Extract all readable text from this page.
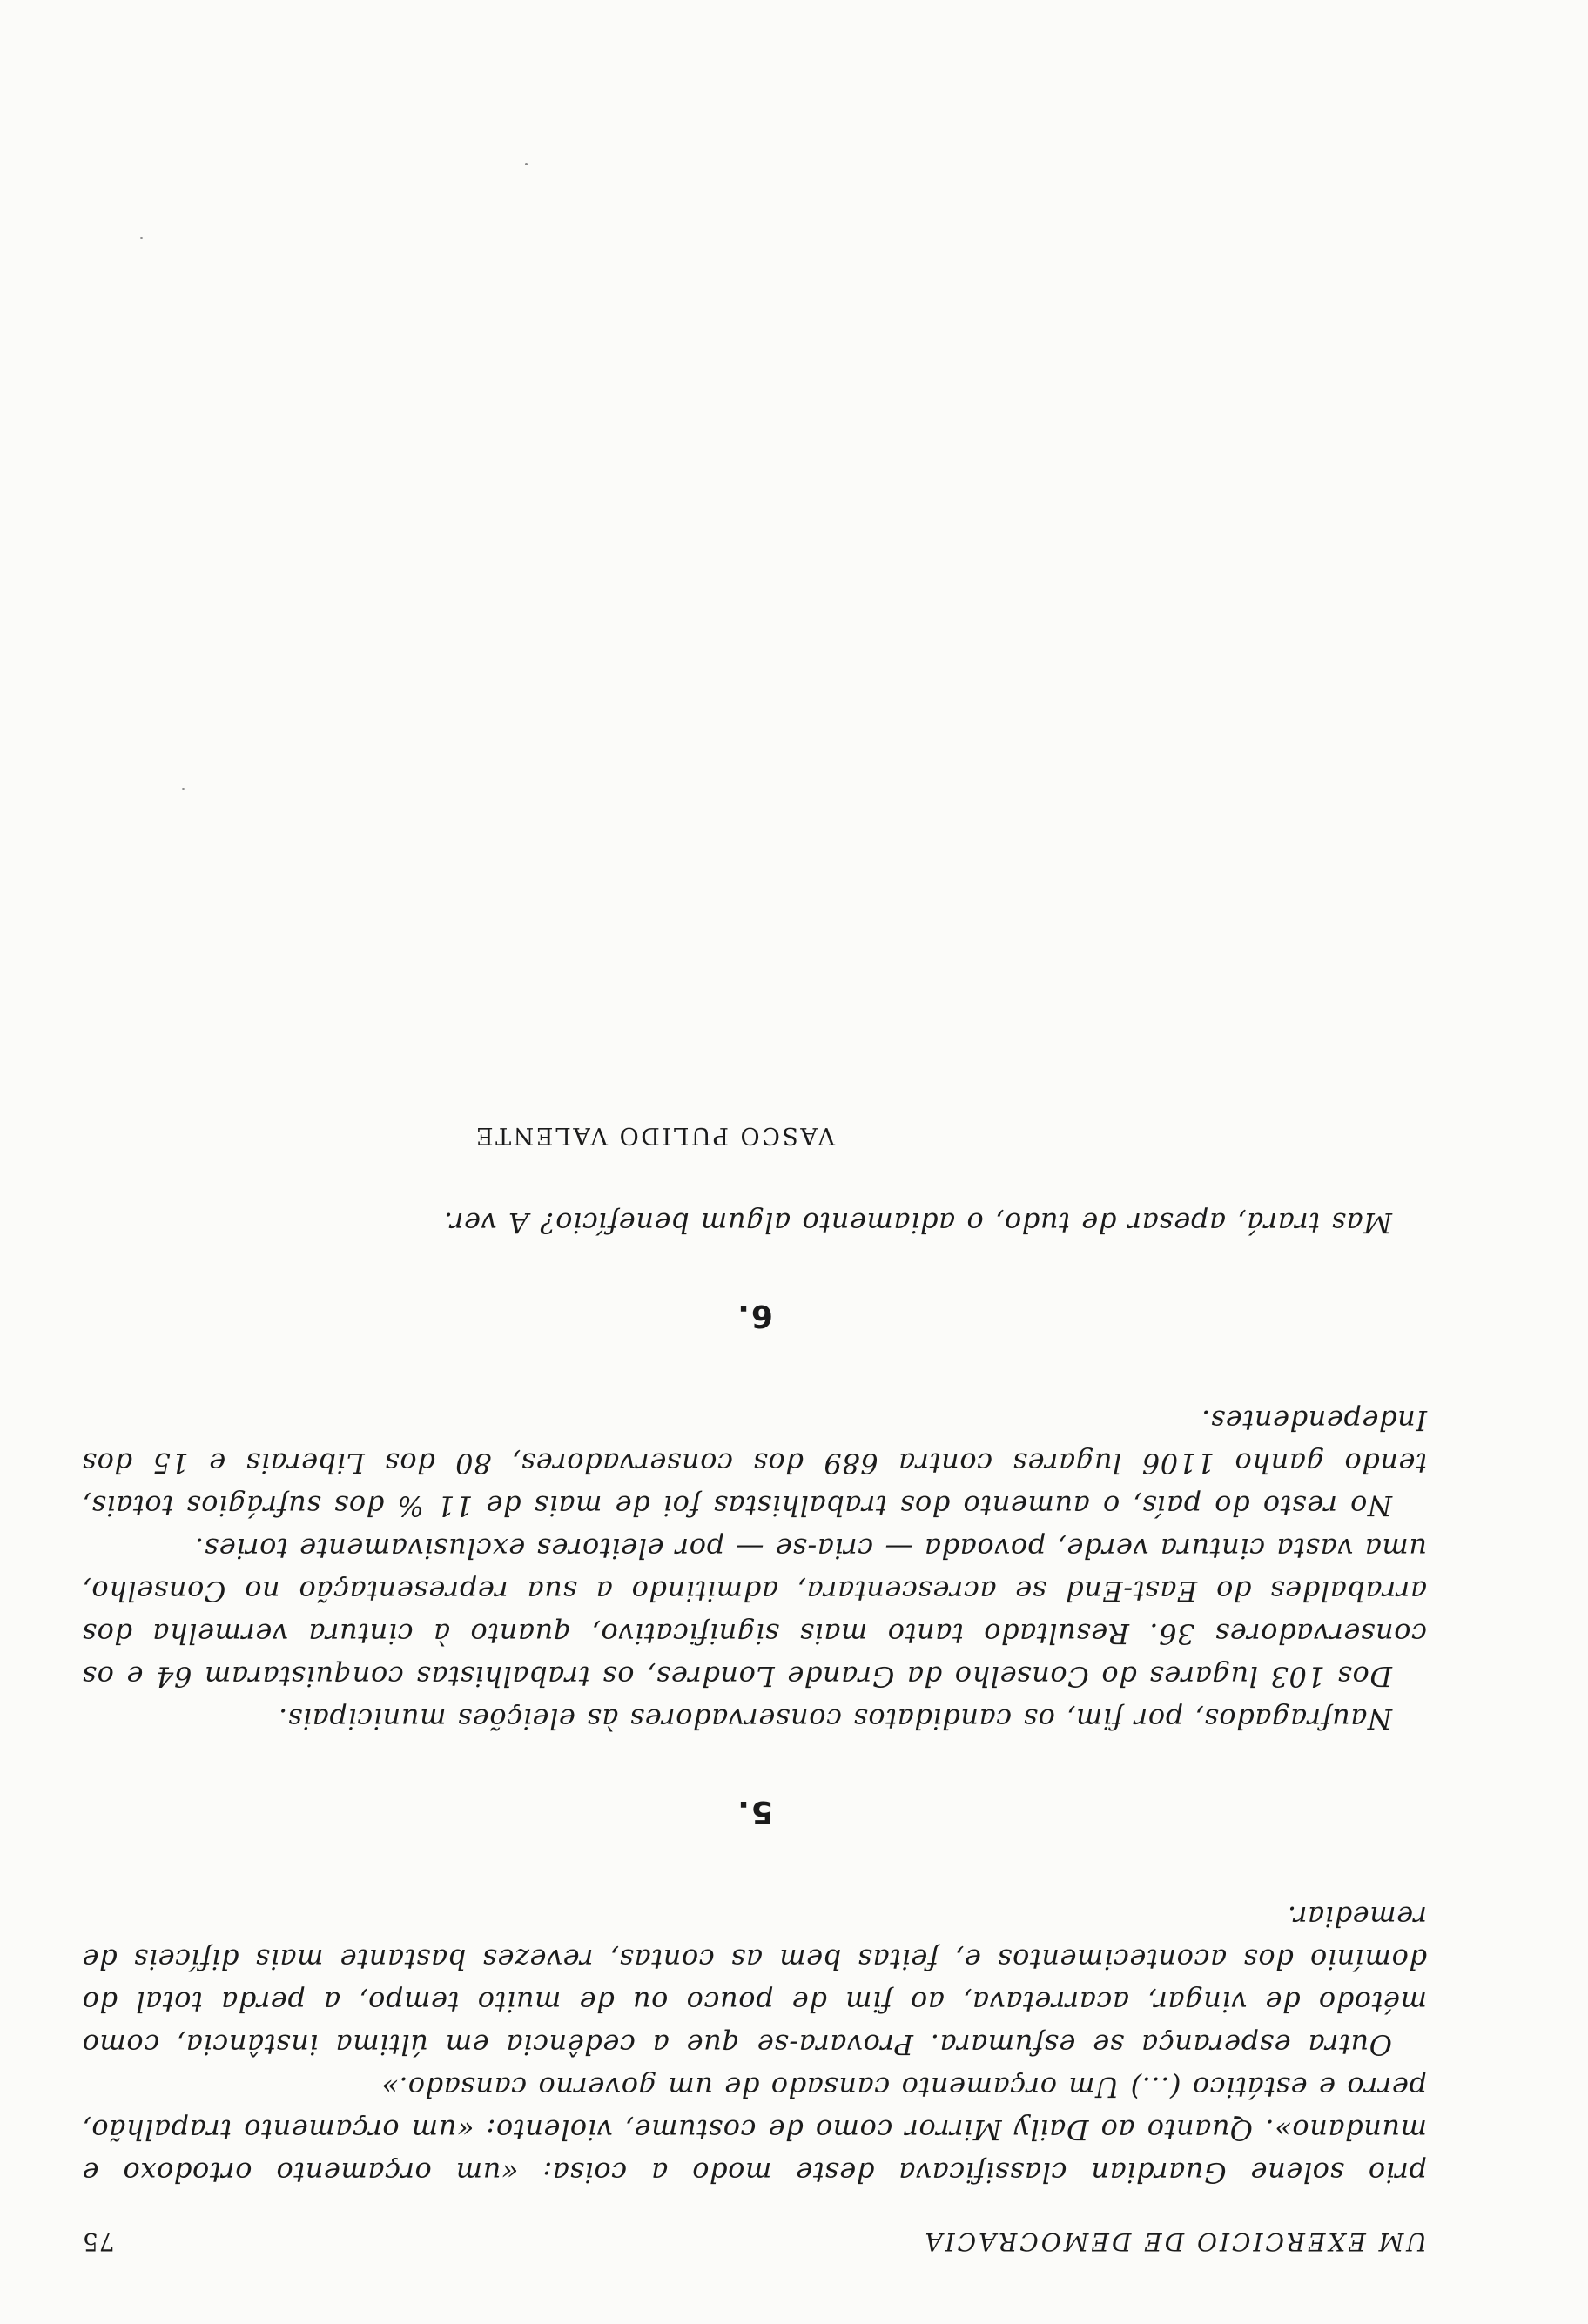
UM EXERCICIO DE DEMOCRACIA
75

prio solene Guardian classificava deste modo a coisa: «um orçamento ortodoxo e mundano». Quanto ao Daily Mirror como de costume, violento: «um orçamento trapalhão, perro e estático (...) Um orçamento cansado de um governo cansado.»

Outra esperança se esfumara. Provara-se que a cedência em última instância, como método de vingar, acarretava, ao fim de pouco ou de muito tempo, a perda total do domínio dos acontecimentos e, feitas bem as contas, revezes bastante mais difíceis de remediar.

5.

Naufragados, por fim, os candidatos conservadores às eleições municipais.

Dos 103 lugares do Conselho da Grande Londres, os trabalhistas conquistaram 64 e os conservadores 36. Resultado tanto mais significativo, quanto à cintura vermelha dos arrabaldes do East-End se acrescentara, admitindo a sua representação no Conselho, uma vasta cintura verde, povoada — cria-se — por eleitores exclusivamente tories.

No resto do país, o aumento dos trabalhistas foi de mais de 11 % dos sufrágios totais, tendo ganho 1106 lugares contra 689 dos conservadores, 80 dos Liberais e 15 dos Independentes.

6.

Mas trará, apesar de tudo, o adiamento algum benefício? A ver.

VASCO PULIDO VALENTE
